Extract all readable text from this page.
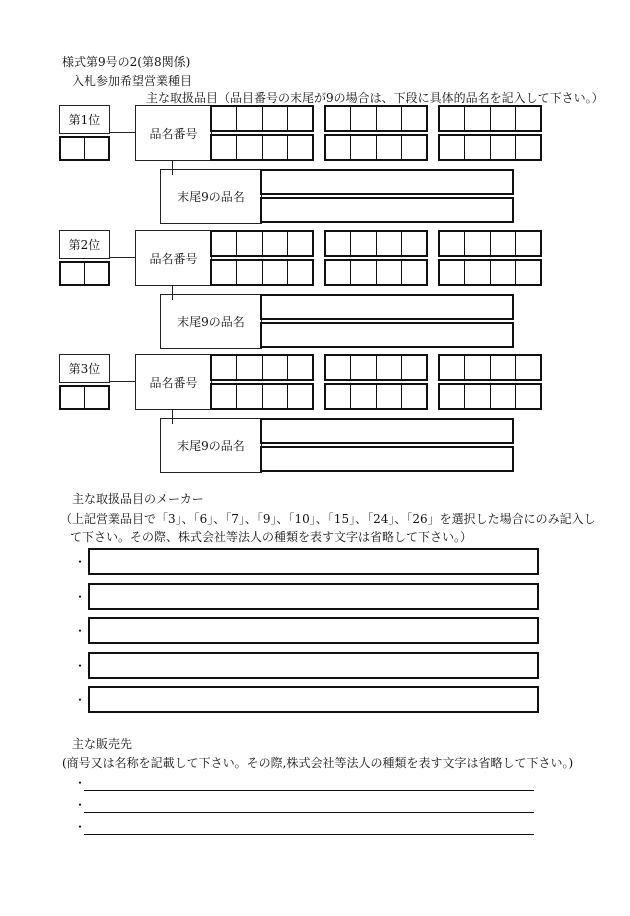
様式第9号の2(第8関係)
入札参加希望営業種目
主な取扱品目（品目番号の末尾が9の場合は、下段に具体的品名を記入して下さい。）
第1位
品名番号
末尾9の品名
第2位
品名番号
末尾9の品名
第3位
品名番号
末尾9の品名
主な取扱品目のメーカー
（上記営業品目で「3」、「6」、「7」、「9」、「10」、「15」、「24」、「26」を選択した場合にのみ記入し
て下さい。その際、株式会社等法人の種類を表す文字は省略して下さい。）
・
・
・
・
・
主な販売先
(商号又は名称を記載して下さい。その際,株式会社等法人の種類を表す文字は省略して下さい。)
・
・
・
